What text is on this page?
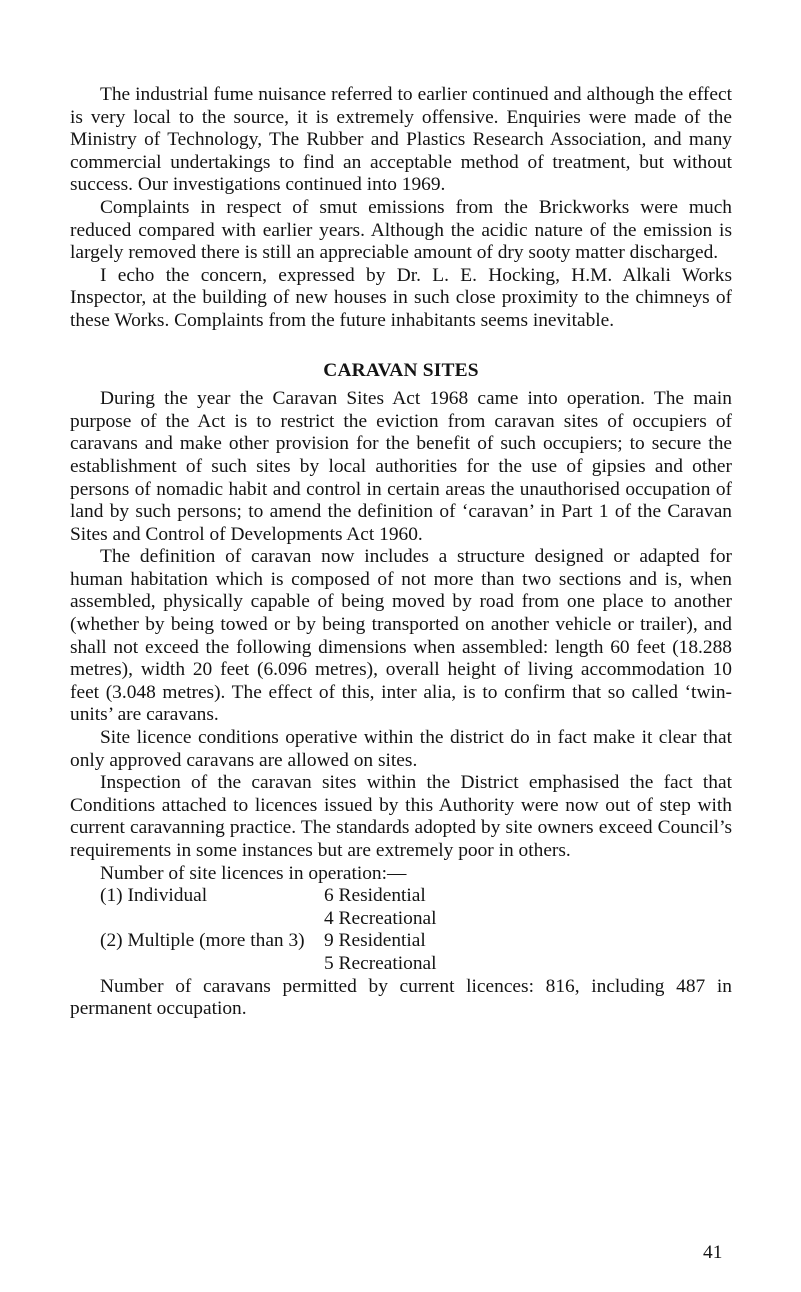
The industrial fume nuisance referred to earlier continued and although the effect is very local to the source, it is extremely offensive. Enquiries were made of the Ministry of Technology, The Rubber and Plastics Research Association, and many commercial undertakings to find an acceptable method of treatment, but without success. Our investigations continued into 1969.

Complaints in respect of smut emissions from the Brickworks were much reduced compared with earlier years. Although the acidic nature of the emission is largely removed there is still an appreciable amount of dry sooty matter discharged.

I echo the concern, expressed by Dr. L. E. Hocking, H.M. Alkali Works Inspector, at the building of new houses in such close proximity to the chimneys of these Works. Complaints from the future inhabitants seems inevitable.

CARAVAN SITES

During the year the Caravan Sites Act 1968 came into operation. The main purpose of the Act is to restrict the eviction from caravan sites of occupiers of caravans and make other provision for the benefit of such occupiers; to secure the establishment of such sites by local authorities for the use of gipsies and other persons of nomadic habit and control in certain areas the unauthorised occupation of land by such persons; to amend the definition of ‘caravan’ in Part 1 of the Caravan Sites and Control of Developments Act 1960.

The definition of caravan now includes a structure designed or adapted for human habitation which is composed of not more than two sections and is, when assembled, physically capable of being moved by road from one place to another (whether by being towed or by being transported on another vehicle or trailer), and shall not exceed the following dimensions when assembled: length 60 feet (18.288 metres), width 20 feet (6.096 metres), overall height of living accommodation 10 feet (3.048 metres). The effect of this, inter alia, is to confirm that so called ‘twin-units’ are caravans.

Site licence conditions operative within the district do in fact make it clear that only approved caravans are allowed on sites.

Inspection of the caravan sites within the District emphasised the fact that Conditions attached to licences issued by this Authority were now out of step with current caravanning practice. The standards adopted by site owners exceed Council’s requirements in some instances but are extremely poor in others.

Number of site licences in operation:—

(1) Individual	6 Residential
	4 Recreational
(2) Multiple (more than 3)	9 Residential
	5 Recreational

Number of caravans permitted by current licences: 816, including 487 in permanent occupation.

41
